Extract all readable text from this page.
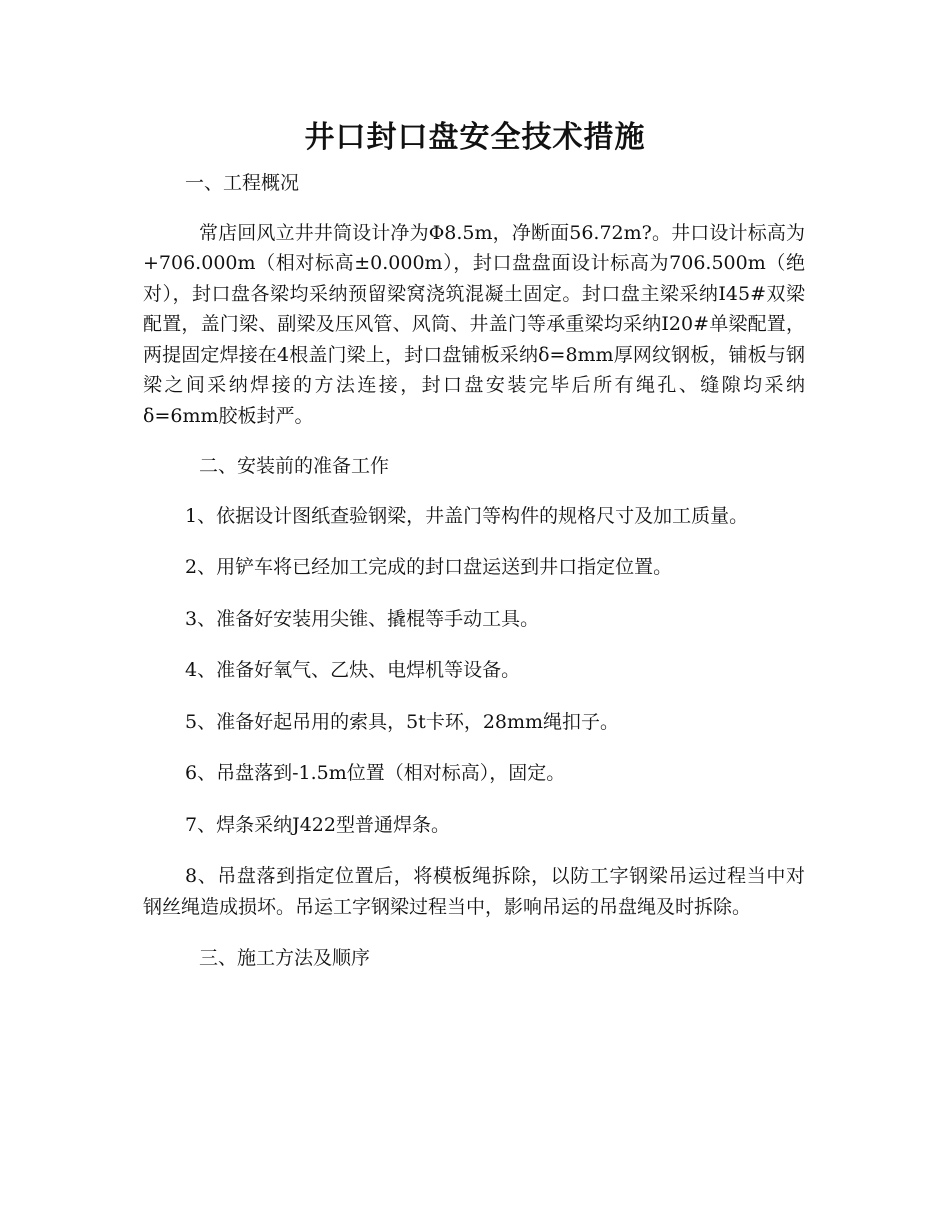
井口封口盘安全技术措施

一、工程概况

常店回风立井井筒设计净为Φ8.5m，净断面56.72m?。井口设计标高为+706.000m（相对标高±0.000m），封口盘盘面设计标高为706.500m（绝对），封口盘各梁均采纳预留梁窝浇筑混凝土固定。封口盘主梁采纳I45#双梁配置，盖门梁、副梁及压风管、风筒、井盖门等承重梁均采纳I20#单梁配置，两提固定焊接在4根盖门梁上，封口盘铺板采纳δ=8mm厚网纹钢板，铺板与钢梁之间采纳焊接的方法连接，封口盘安装完毕后所有绳孔、缝隙均采纳δ=6mm胶板封严。

二、安装前的准备工作

1、依据设计图纸查验钢梁，井盖门等构件的规格尺寸及加工质量。

2、用铲车将已经加工完成的封口盘运送到井口指定位置。

3、准备好安装用尖锥、撬棍等手动工具。

4、准备好氧气、乙炔、电焊机等设备。

5、准备好起吊用的索具，5t卡环，28mm绳扣子。

6、吊盘落到-1.5m位置（相对标高），固定。

7、焊条采纳J422型普通焊条。

8、吊盘落到指定位置后，将模板绳拆除，以防工字钢梁吊运过程当中对钢丝绳造成损坏。吊运工字钢梁过程当中，影响吊运的吊盘绳及时拆除。

三、施工方法及顺序
